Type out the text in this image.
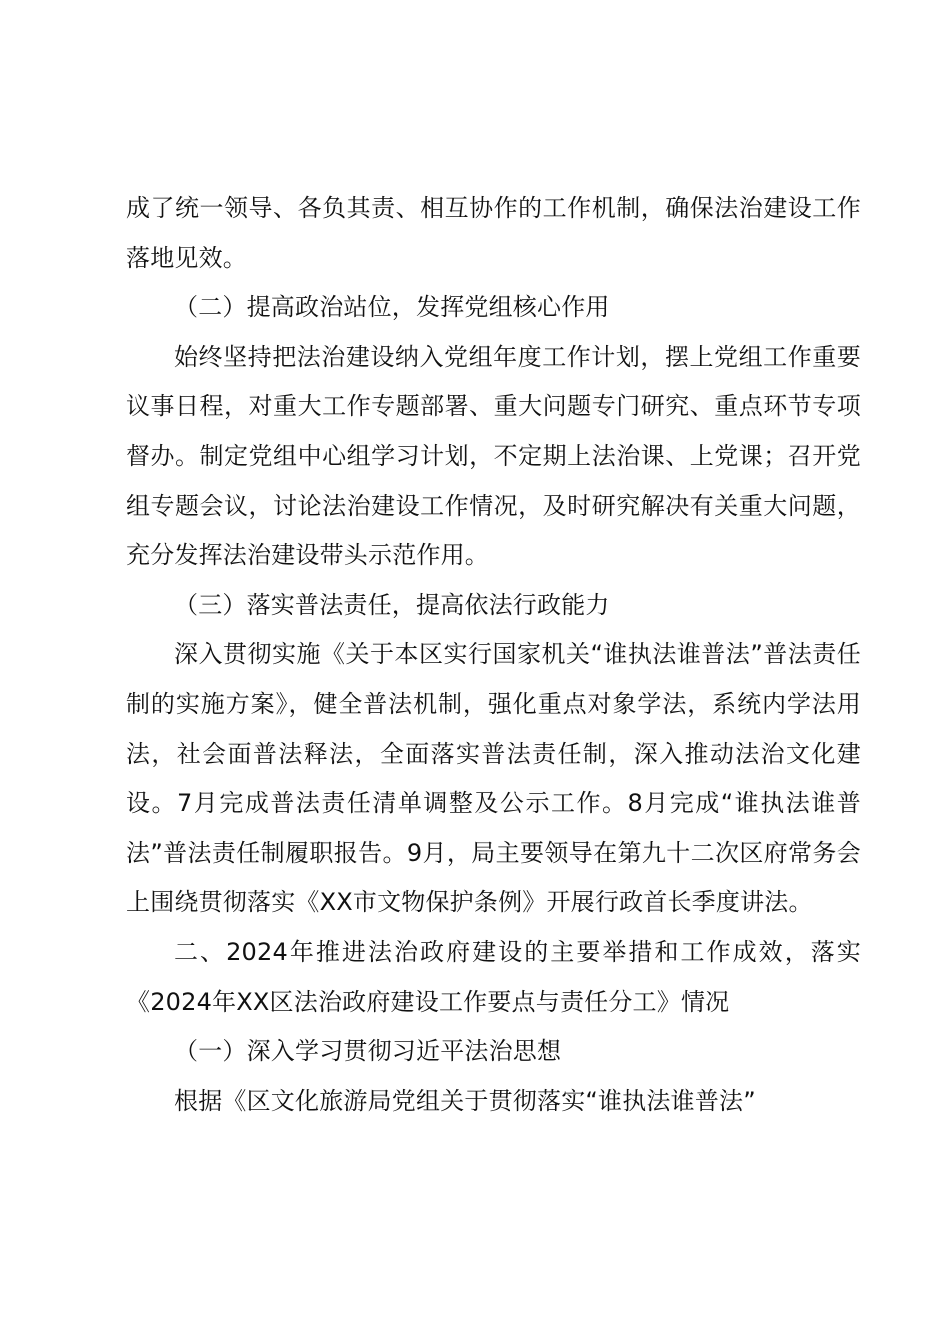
成了统一领导、各负其责、相互协作的工作机制，确保法治建设工作落地见效。

（二）提高政治站位，发挥党组核心作用

始终坚持把法治建设纳入党组年度工作计划，摆上党组工作重要议事日程，对重大工作专题部署、重大问题专门研究、重点环节专项督办。制定党组中心组学习计划，不定期上法治课、上党课；召开党组专题会议，讨论法治建设工作情况，及时研究解决有关重大问题，充分发挥法治建设带头示范作用。

（三）落实普法责任，提高依法行政能力

深入贯彻实施《关于本区实行国家机关“谁执法谁普法”普法责任制的实施方案》，健全普法机制，强化重点对象学法，系统内学法用法，社会面普法释法，全面落实普法责任制，深入推动法治文化建设。7月完成普法责任清单调整及公示工作。8月完成“谁执法谁普法”普法责任制履职报告。9月，局主要领导在第九十二次区府常务会上围绕贯彻落实《XX市文物保护条例》开展行政首长季度讲法。

二、2024年推进法治政府建设的主要举措和工作成效，落实《2024年XX区法治政府建设工作要点与责任分工》情况

（一）深入学习贯彻习近平法治思想

根据《区文化旅游局党组关于贯彻落实“谁执法谁普法”
